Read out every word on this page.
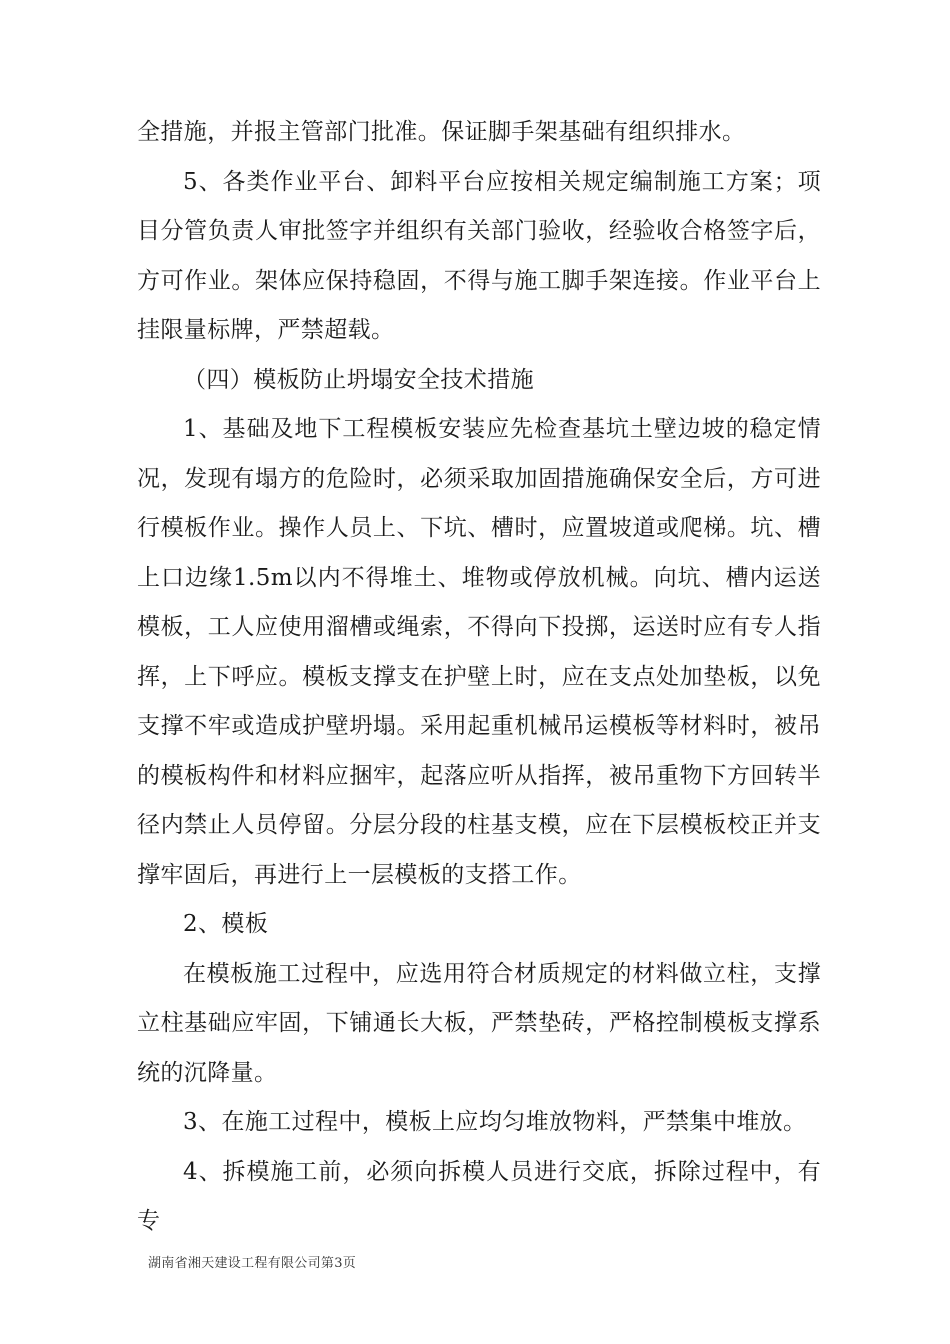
全措施，并报主管部门批准。保证脚手架基础有组织排水。

5、各类作业平台、卸料平台应按相关规定编制施工方案；项目分管负责人审批签字并组织有关部门验收，经验收合格签字后，方可作业。架体应保持稳固，不得与施工脚手架连接。作业平台上挂限量标牌，严禁超载。

（四）模板防止坍塌安全技术措施

1、基础及地下工程模板安装应先检查基坑土壁边坡的稳定情况，发现有塌方的危险时，必须采取加固措施确保安全后，方可进行模板作业。操作人员上、下坑、槽时，应置坡道或爬梯。坑、槽上口边缘1.5m以内不得堆土、堆物或停放机械。向坑、槽内运送模板，工人应使用溜槽或绳索，不得向下投掷，运送时应有专人指挥，上下呼应。模板支撑支在护壁上时，应在支点处加垫板，以免支撑不牢或造成护壁坍塌。采用起重机械吊运模板等材料时，被吊的模板构件和材料应捆牢，起落应听从指挥，被吊重物下方回转半径内禁止人员停留。分层分段的柱基支模，应在下层模板校正并支撑牢固后，再进行上一层模板的支搭工作。

2、模板

在模板施工过程中，应选用符合材质规定的材料做立柱，支撑立柱基础应牢固，下铺通长大板，严禁垫砖，严格控制模板支撑系统的沉降量。

3、在施工过程中，模板上应均匀堆放物料，严禁集中堆放。

4、拆模施工前，必须向拆模人员进行交底，拆除过程中，有专

湖南省湘天建设工程有限公司第3页
